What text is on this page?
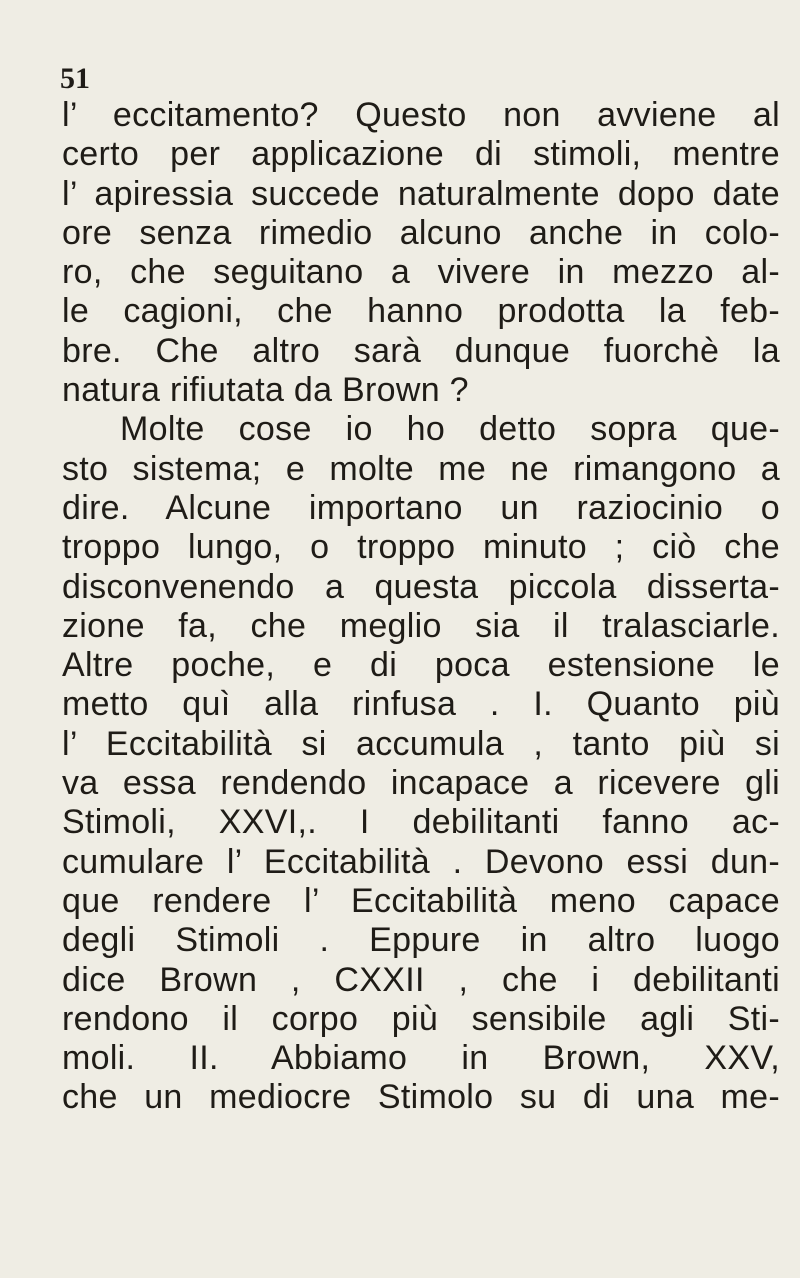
51
l’ eccitamento? Questo non avviene al
certo per applicazione di stimoli, mentre
l’ apiressia succede naturalmente dopo date
ore senza rimedio alcuno anche in colo-
ro, che seguitano a vivere in mezzo al-
le cagioni, che hanno prodotta la feb-
bre. Che altro sarà dunque fuorchè la
natura rifiutata da Brown ?
Molte cose io ho detto sopra que-
sto sistema; e molte me ne rimangono a
dire. Alcune importano un raziocinio o
troppo lungo, o troppo minuto ; ciò che
disconvenendo a questa piccola disserta-
zione fa, che meglio sia il tralasciarle.
Altre poche, e di poca estensione le
metto quì alla rinfusa . I. Quanto più
l’ Eccitabilità si accumula , tanto più si
va essa rendendo incapace a ricevere gli
Stimoli, XXVI,. I debilitanti fanno ac-
cumulare l’ Eccitabilità . Devono essi dun-
que rendere l’ Eccitabilità meno capace
degli Stimoli . Eppure in altro luogo
dice Brown , CXXII , che i debilitanti
rendono il corpo più sensibile agli Sti-
moli. II. Abbiamo in Brown, XXV,
che un mediocre Stimolo su di una me-
